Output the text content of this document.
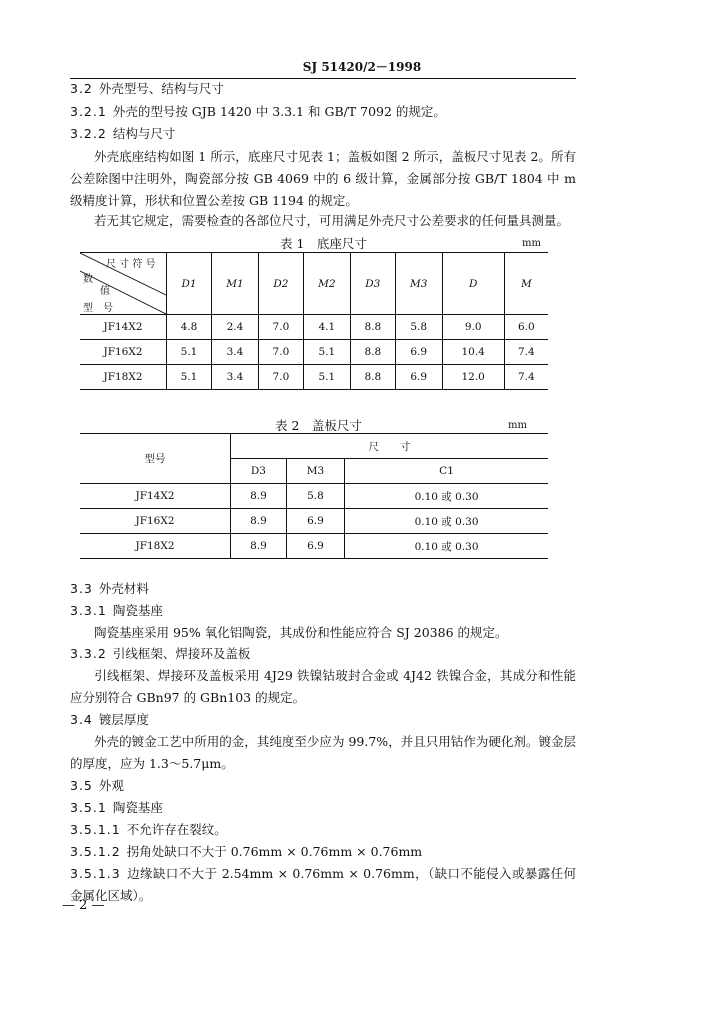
SJ 51420/2－1998
3.2 外壳型号、结构与尺寸
3.2.1 外壳的型号按 GJB 1420 中 3.3.1 和 GB/T 7092 的规定。
3.2.2 结构与尺寸
外壳底座结构如图 1 所示，底座尺寸见表 1；盖板如图 2 所示，盖板尺寸见表 2。所有公差除图中注明外，陶瓷部分按 GB 4069 中的 6 级计算，金属部分按 GB/T 1804 中 m 级精度计算，形状和位置公差按 GB 1194 的规定。
若无其它规定，需要检查的各部位尺寸，可用满足外壳尺寸公差要求的任何量具测量。
表 1　底座尺寸	mm
尺 寸 符 号
数
值
型　号	D1	M1	D2	M2	D3	M3	D	M
JF14X2	4.8	2.4	7.0	4.1	8.8	5.8	9.0	6.0
JF16X2	5.1	3.4	7.0	5.1	8.8	6.9	10.4	7.4
JF18X2	5.1	3.4	7.0	5.1	8.8	6.9	12.0	7.4
表 2　盖板尺寸	mm
型号	尺　　寸		
	D3	M3	C1
JF14X2	8.9	5.8	0.10 或 0.30
JF16X2	8.9	6.9	0.10 或 0.30
JF18X2	8.9	6.9	0.10 或 0.30
3.3 外壳材料
3.3.1 陶瓷基座
陶瓷基座采用 95% 氧化铝陶瓷，其成份和性能应符合 SJ 20386 的规定。
3.3.2 引线框架、焊接环及盖板
引线框架、焊接环及盖板采用 4J29 铁镍钴玻封合金或 4J42 铁镍合金，其成分和性能应分别符合 GBn97 的 GBn103 的规定。
3.4 镀层厚度
外壳的镀金工艺中所用的金，其纯度至少应为 99.7%，并且只用钴作为硬化剂。镀金层的厚度，应为 1.3～5.7μm。
3.5 外观
3.5.1 陶瓷基座
3.5.1.1 不允许存在裂纹。
3.5.1.2 拐角处缺口不大于 0.76mm × 0.76mm × 0.76mm
3.5.1.3 边缘缺口不大于 2.54mm × 0.76mm × 0.76mm，（缺口不能侵入或暴露任何金属化区域）。
— 2 —
